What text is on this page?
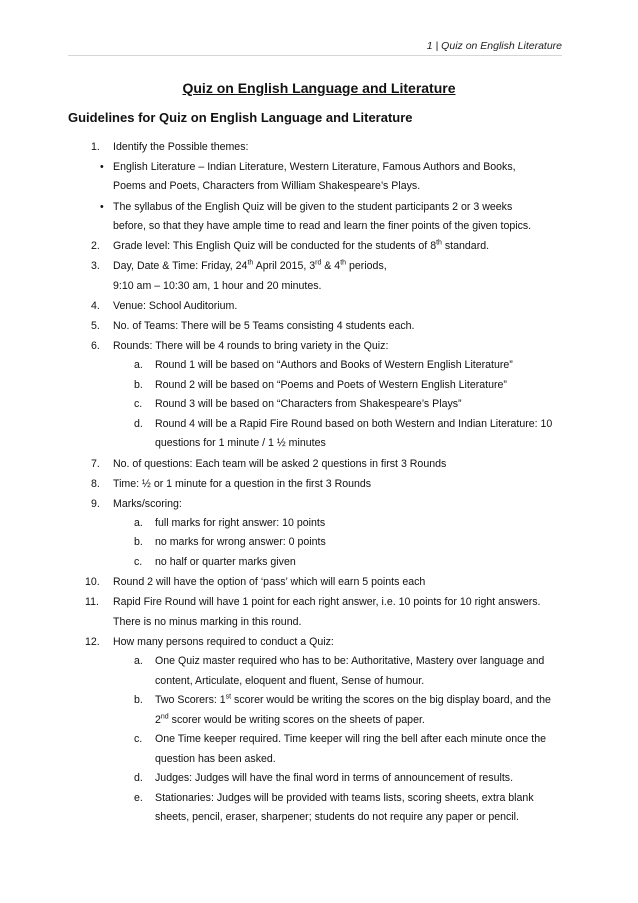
1 | Quiz on English Literature
Quiz on English Language and Literature
Guidelines for Quiz on English Language and Literature
1. Identify the Possible themes:
• English Literature – Indian Literature, Western Literature, Famous Authors and Books,
Poems and Poets, Characters from William Shakespeare’s Plays.
• The syllabus of the English Quiz will be given to the student participants 2 or 3 weeks
before, so that they have ample time to read and learn the finer points of the given topics.
2. Grade level: This English Quiz will be conducted for the students of 8th standard.
3. Day, Date & Time: Friday, 24th April 2015, 3rd & 4th periods,
9:10 am – 10:30 am, 1 hour and 20 minutes.
4. Venue: School Auditorium.
5. No. of Teams: There will be 5 Teams consisting 4 students each.
6. Rounds: There will be 4 rounds to bring variety in the Quiz:
a. Round 1 will be based on “Authors and Books of Western English Literature”
b. Round 2 will be based on “Poems and Poets of Western English Literature”
c. Round 3 will be based on “Characters from Shakespeare’s Plays”
d. Round 4 will be a Rapid Fire Round based on both Western and Indian Literature: 10
questions for 1 minute / 1 ½ minutes
7. No. of questions: Each team will be asked 2 questions in first 3 Rounds
8. Time: ½ or 1 minute for a question in the first 3 Rounds
9. Marks/scoring:
a. full marks for right answer: 10 points
b. no marks for wrong answer: 0 points
c. no half or quarter marks given
10. Round 2 will have the option of ‘pass’ which will earn 5 points each
11. Rapid Fire Round will have 1 point for each right answer, i.e. 10 points for 10 right answers.
There is no minus marking in this round.
12. How many persons required to conduct a Quiz:
a. One Quiz master required who has to be: Authoritative, Mastery over language and
content, Articulate, eloquent and fluent, Sense of humour.
b. Two Scorers: 1st scorer would be writing the scores on the big display board, and the
2nd scorer would be writing scores on the sheets of paper.
c. One Time keeper required. Time keeper will ring the bell after each minute once the
question has been asked.
d. Judges: Judges will have the final word in terms of announcement of results.
e. Stationaries: Judges will be provided with teams lists, scoring sheets, extra blank
sheets, pencil, eraser, sharpener; students do not require any paper or pencil.
